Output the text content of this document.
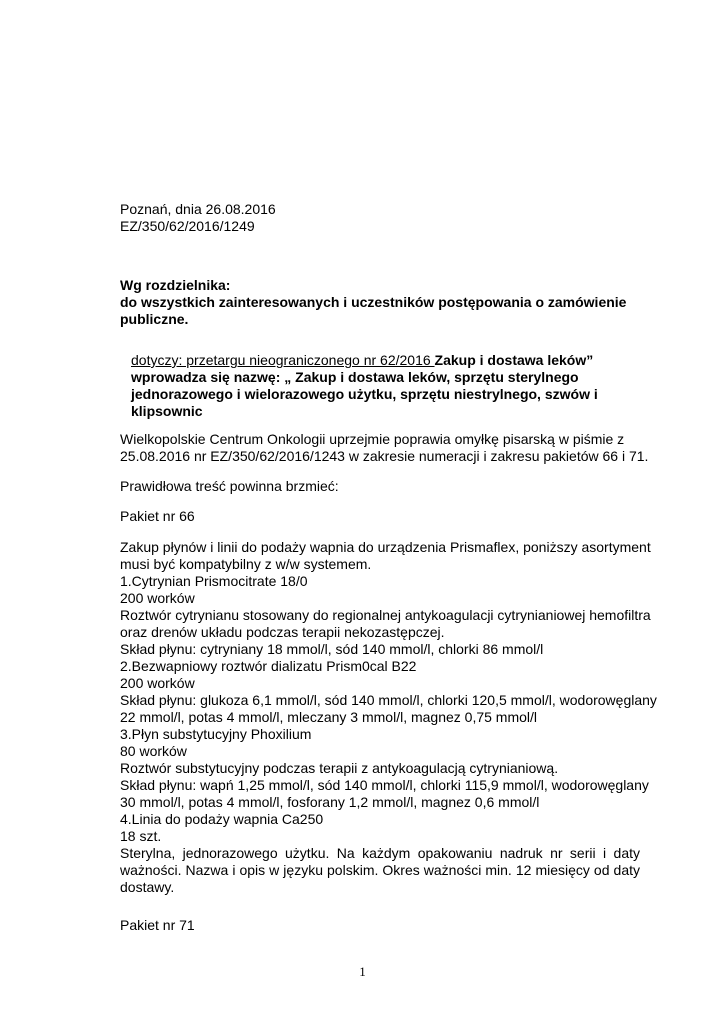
Poznań, dnia 26.08.2016
EZ/350/62/2016/1249
Wg rozdzielnika:
do wszystkich zainteresowanych i uczestników postępowania o zamówienie
publiczne.
dotyczy: przetargu nieograniczonego nr 62/2016 Zakup i dostawa leków”
wprowadza się nazwę: „ Zakup i dostawa leków, sprzętu sterylnego
jednorazowego i wielorazowego użytku, sprzętu niestrylnego, szwów i
klipsownic
Wielkopolskie Centrum Onkologii uprzejmie poprawia omyłkę pisarską w piśmie z
25.08.2016 nr EZ/350/62/2016/1243 w zakresie numeracji i zakresu pakietów 66 i 71.
Prawidłowa treść powinna brzmieć:
Pakiet nr 66
Zakup płynów i linii do podaży wapnia do urządzenia Prismaflex, poniższy asortyment
musi być kompatybilny z w/w systemem.
1.Cytrynian Prismocitrate 18/0
200 worków
Roztwór cytrynianu stosowany do regionalnej antykoagulacji cytrynianiowej hemofiltra
oraz drenów układu podczas terapii nekozastępczej.
Skład płynu: cytryniany 18 mmol/l, sód 140 mmol/l, chlorki 86 mmol/l
2.Bezwapniowy roztwór dializatu Prism0cal B22
200 worków
Skład płynu: glukoza 6,1 mmol/l, sód 140 mmol/l, chlorki 120,5 mmol/l, wodorowęglany
22 mmol/l, potas 4 mmol/l, mleczany 3 mmol/l, magnez 0,75 mmol/l
3.Płyn substytucyjny Phoxilium
80 worków
Roztwór substytucyjny podczas terapii z antykoagulacją cytrynianiową.
Skład płynu: wapń 1,25 mmol/l, sód 140 mmol/l, chlorki 115,9 mmol/l, wodorowęglany
30 mmol/l, potas 4 mmol/l, fosforany 1,2 mmol/l, magnez 0,6 mmol/l
4.Linia do podaży wapnia Ca250
18 szt.
Sterylna, jednorazowego użytku. Na każdym opakowaniu nadruk nr serii i daty ważności. Nazwa i opis w języku polskim. Okres ważności min. 12 miesięcy od daty dostawy.
Pakiet nr 71
1
